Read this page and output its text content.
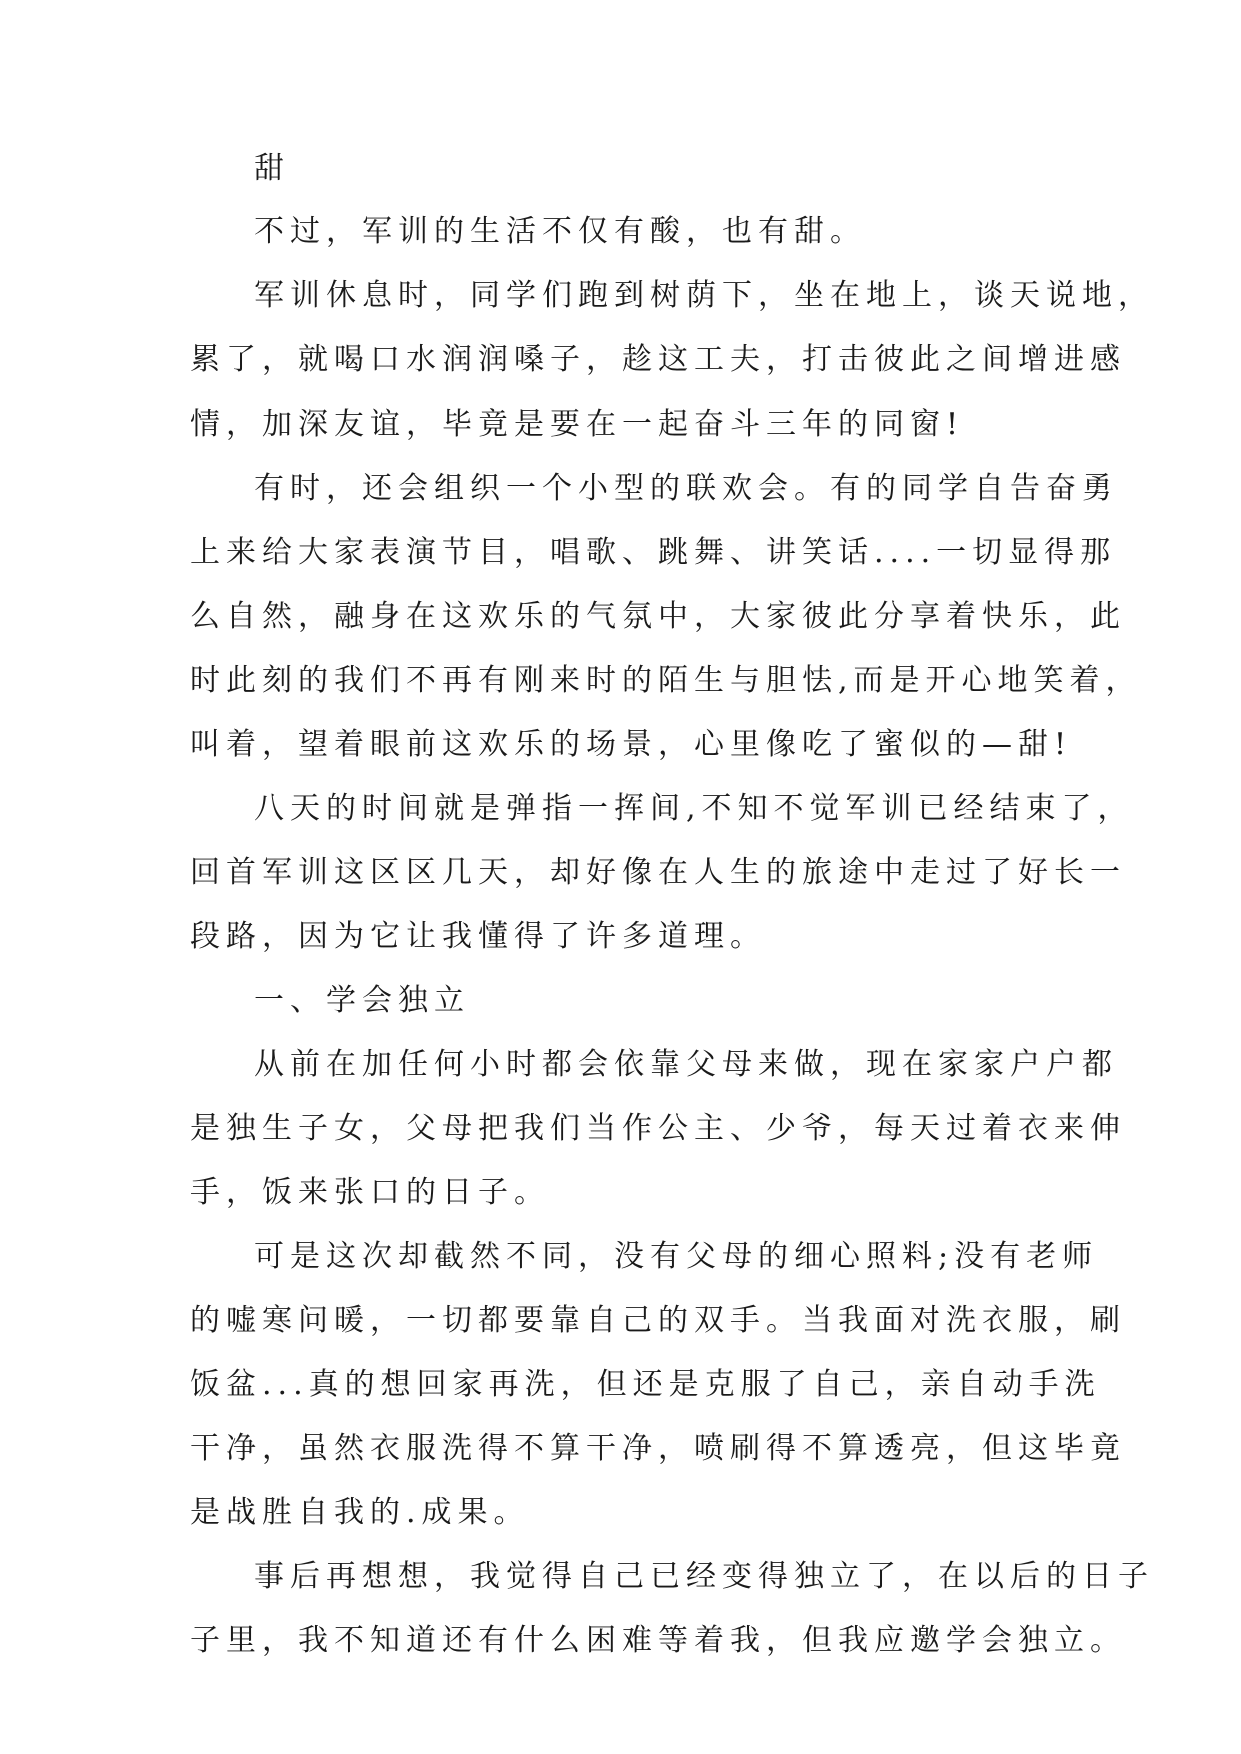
甜
不过，军训的生活不仅有酸，也有甜。
军训休息时，同学们跑到树荫下，坐在地上，谈天说地，
累了，就喝口水润润嗓子，趁这工夫，打击彼此之间增进感
情，加深友谊，毕竟是要在一起奋斗三年的同窗!
有时，还会组织一个小型的联欢会。有的同学自告奋勇
上来给大家表演节目，唱歌、跳舞、讲笑话....一切显得那
么自然，融身在这欢乐的气氛中，大家彼此分享着快乐，此
时此刻的我们不再有刚来时的陌生与胆怯,而是开心地笑着，
叫着，望着眼前这欢乐的场景，心里像吃了蜜似的—甜!
八天的时间就是弹指一挥间,不知不觉军训已经结束了，
回首军训这区区几天，却好像在人生的旅途中走过了好长一
段路，因为它让我懂得了许多道理。
一、学会独立
从前在加任何小时都会依靠父母来做，现在家家户户都
是独生子女，父母把我们当作公主、少爷，每天过着衣来伸
手，饭来张口的日子。
可是这次却截然不同，没有父母的细心照料;没有老师
的嘘寒问暖，一切都要靠自己的双手。当我面对洗衣服，刷
饭盆...真的想回家再洗，但还是克服了自己，亲自动手洗
干净，虽然衣服洗得不算干净，喷刷得不算透亮，但这毕竟
是战胜自我的.成果。
事后再想想，我觉得自己已经变得独立了，在以后的日子
子里，我不知道还有什么困难等着我，但我应邀学会独立。
